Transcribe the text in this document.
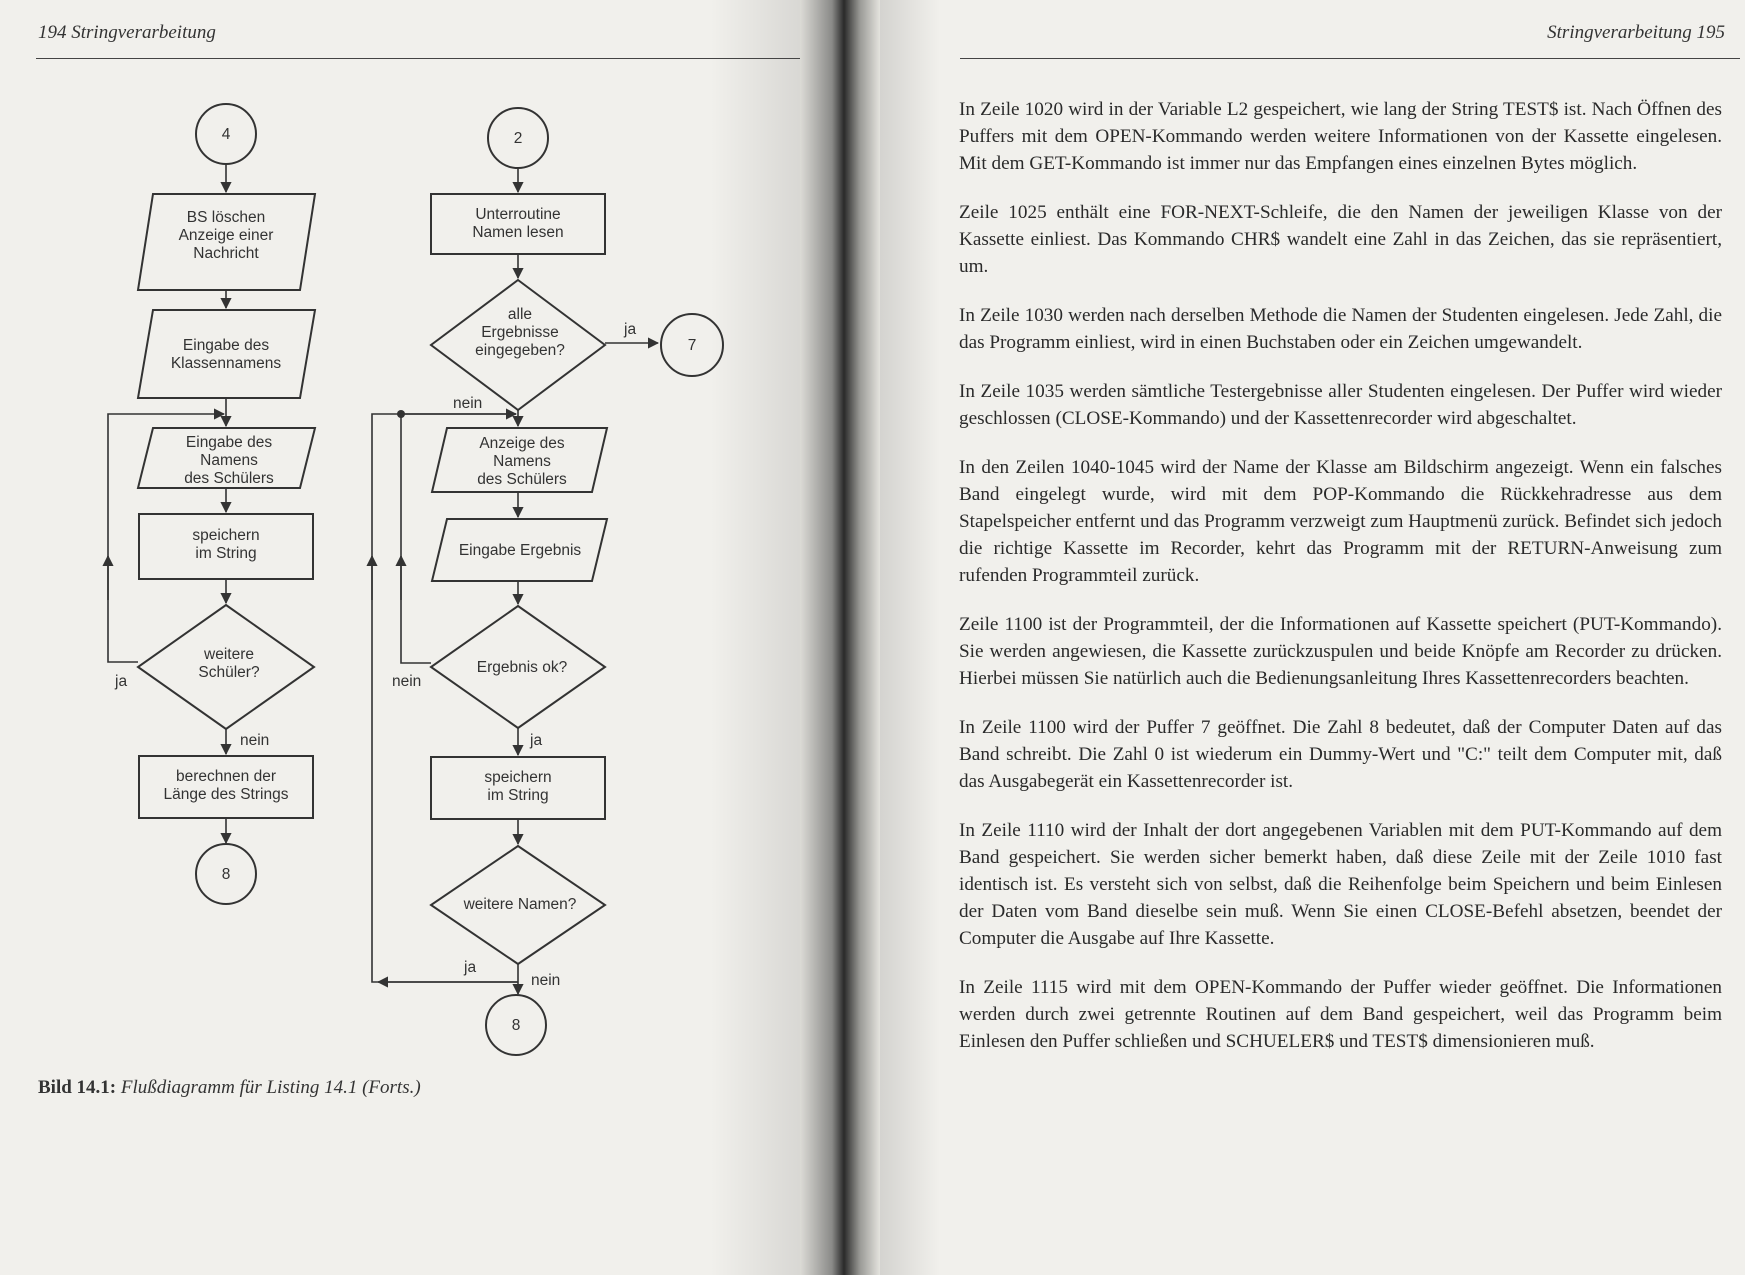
194 Stringverarbeitung
4
BS löschen
Anzeige einer
Nachricht
Eingabe des
Klassennamens
Eingabe des
Namens
des Schülers
speichern
im String
weitere
Schüler?
ja
nein
berechnen der
Länge des Strings
8
2
Unterroutine
Namen lesen
alle
Ergebnisse
eingegeben?
ja
7
nein
Anzeige des
Namens
des Schülers
Eingabe Ergebnis
Ergebnis ok?
nein
ja
speichern
im String
weitere Namen?
ja
nein
8
Bild 14.1: Flußdiagramm für Listing 14.1 (Forts.)
Stringverarbeitung 195

In Zeile 1020 wird in der Variable L2 gespeichert, wie lang der String TEST$ ist. Nach Öffnen des Puffers mit dem OPEN-Kommando werden weitere Informationen von der Kassette eingelesen. Mit dem GET-Kommando ist immer nur das Empfangen eines einzelnen Bytes möglich.

Zeile 1025 enthält eine FOR-NEXT-Schleife, die den Namen der jeweiligen Klasse von der Kassette einliest. Das Kommando CHR$ wandelt eine Zahl in das Zeichen, das sie repräsentiert, um.

In Zeile 1030 werden nach derselben Methode die Namen der Studenten eingelesen. Jede Zahl, die das Programm einliest, wird in einen Buchstaben oder ein Zeichen umgewandelt.

In Zeile 1035 werden sämtliche Testergebnisse aller Studenten eingelesen. Der Puffer wird wieder geschlossen (CLOSE-Kommando) und der Kassettenrecorder wird abgeschaltet.

In den Zeilen 1040-1045 wird der Name der Klasse am Bildschirm angezeigt. Wenn ein falsches Band eingelegt wurde, wird mit dem POP-Kommando die Rückkehradresse aus dem Stapelspeicher entfernt und das Programm verzweigt zum Hauptmenü zurück. Befindet sich jedoch die richtige Kassette im Recorder, kehrt das Programm mit der RETURN-Anweisung zum rufenden Programmteil zurück.

Zeile 1100 ist der Programmteil, der die Informationen auf Kassette speichert (PUT-Kommando). Sie werden angewiesen, die Kassette zurückzuspulen und beide Knöpfe am Recorder zu drücken. Hierbei müssen Sie natürlich auch die Bedienungsanleitung Ihres Kassettenrecorders beachten.

In Zeile 1100 wird der Puffer 7 geöffnet. Die Zahl 8 bedeutet, daß der Computer Daten auf das Band schreibt. Die Zahl 0 ist wiederum ein Dummy-Wert und "C:" teilt dem Computer mit, daß das Ausgabegerät ein Kassettenrecorder ist.

In Zeile 1110 wird der Inhalt der dort angegebenen Variablen mit dem PUT-Kommando auf dem Band gespeichert. Sie werden sicher bemerkt haben, daß diese Zeile mit der Zeile 1010 fast identisch ist. Es versteht sich von selbst, daß die Reihenfolge beim Speichern und beim Einlesen der Daten vom Band dieselbe sein muß. Wenn Sie einen CLOSE-Befehl absetzen, beendet der Computer die Ausgabe auf Ihre Kassette.

In Zeile 1115 wird mit dem OPEN-Kommando der Puffer wieder geöffnet. Die Informationen werden durch zwei getrennte Routinen auf dem Band gespeichert, weil das Programm beim Einlesen den Puffer schließen und SCHUELER$ und TEST$ dimensionieren muß.
